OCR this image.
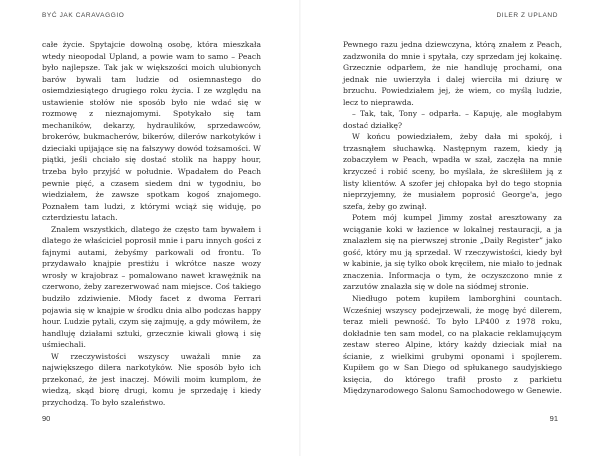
BYĆ JAK CARAVAGGIO

całe życie. Spytajcie dowolną osobę, która mieszkała wtedy nieopodal Upland, a powie wam to samo – Peach było najlepsze. Tak jak w większości moich ulubionych barów bywali tam ludzie od osiemnastego do osiemdziesiątego drugiego roku życia. I ze względu na ustawienie stołów nie sposób było nie wdać się w rozmowę z nieznajomymi. Spotykało się tam mechaników, dekarzy, hydraulików, sprzedawców, brokerów, bukmacherów, bikerów, dilerów narkotyków i dzieciaki upijające się na fałszywy dowód tożsamości. W piątki, jeśli chciało się dostać stolik na happy hour, trzeba było przyjść w południe. Wpadałem do Peach pewnie pięć, a czasem siedem dni w tygodniu, bo wiedziałem, że zawsze spotkam kogoś znajomego. Poznałem tam ludzi, z którymi wciąż się widuję, po czterdziestu latach.

Znalem wszystkich, dlatego że często tam bywałem i dlatego że właściciel poprosił mnie i paru innych gości z fajnymi autami, żebyśmy parkowali od frontu. To przydawało knajpie prestiżu i wkrótce nasze wozy wrosły w krajobraz – pomalowano nawet krawężnik na czerwono, żeby zarezerwować nam miejsce. Coś takiego budziło zdziwienie. Młody facet z dwoma Ferrari pojawia się w knajpie w środku dnia albo podczas happy hour. Ludzie pytali, czym się zajmuję, a gdy mówiłem, że handluję działami sztuki, grzecznie kiwali głową i się uśmiechali.

W rzeczywistości wszyscy uważali mnie za największego dilera narkotyków. Nie sposób było ich przekonać, że jest inaczej. Mówili moim kumplom, że wiedzą, skąd biorę drugi, komu je sprzedaję i kiedy przychodzą. To było szaleństwo.

90
DILER Z UPLAND

Pewnego razu jedna dziewczyna, którą znałem z Peach, zadzwoniła do mnie i spytała, czy sprzedam jej kokainę. Grzecznie odparłem, że nie handluję prochami, ona jednak nie uwierzyła i dalej wierciła mi dziurę w brzuchu. Powiedziałem jej, że wiem, co myślą ludzie, lecz to nieprawda.

– Tak, tak, Tony – odparła. – Kapuję, ale mogłabym dostać działkę?

W końcu powiedziałem, żeby dała mi spokój, i trzasnąłem słuchawką. Następnym razem, kiedy ją zobaczyłem w Peach, wpadła w szał, zaczęła na mnie krzyczeć i robić sceny, bo myślała, że skreśliłem ją z listy klientów. A szofer jej chłopaka był do tego stopnia nieprzyjemny, że musiałem poprosić George'a, jego szefa, żeby go zwinął.

Potem mój kumpel Jimmy został aresztowany za wciąganie koki w łazience w lokalnej restauracji, a ja znalazłem się na pierwszej stronie „Daily Register” jako gość, który mu ją sprzedał. W rzeczywistości, kiedy był w kabinie, ja się tylko obok kręciłem, nie miało to jednak znaczenia. Informacja o tym, że oczyszczono mnie z zarzutów znalazła się w dole na siódmej stronie.

Niedługo potem kupiłem lamborghini countach. Wcześniej wszyscy podejrzewali, że mogę być dilerem, teraz mieli pewność. To było LP400 z 1978 roku, dokładnie ten sam model, co na plakacie reklamującym zestaw stereo Alpine, który każdy dzieciak miał na ścianie, z wielkimi grubymi oponami i spojlerem. Kupiłem go w San Diego od spłukanego saudyjskiego księcia, do którego trafił prosto z parkietu Międzynarodowego Salonu Samochodowego w Genewie.

91
